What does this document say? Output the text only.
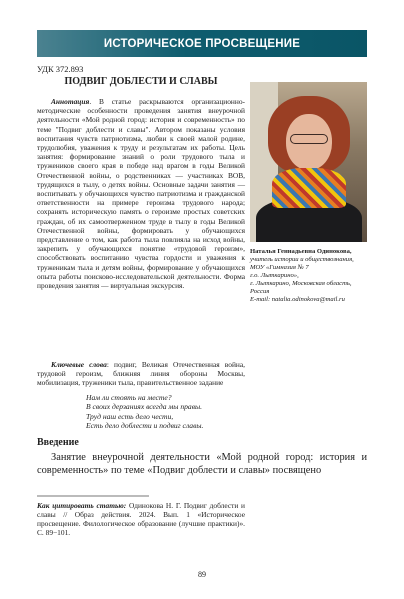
ИСТОРИЧЕСКОЕ ПРОСВЕЩЕНИЕ
УДК 372.893
ПОДВИГ ДОБЛЕСТИ И СЛАВЫ

Аннотация. В статье раскрываются организационно-методические особенности проведения занятия внеурочной деятельности «Мой родной город: история и современность» по теме "Подвиг доблести и славы". Автором показаны условия воспитания чувств патриотизма, любви к своей малой родине, трудолюбия, уважения к труду и результатам их работы. Цель занятия: формирование знаний о роли трудового тыла и тружеников своего края в победе над врагом в годы Великой Отечественной войны, о родственниках — участниках ВОВ, трудящихся в тылу, о детях войны. Основные задачи занятия — воспитывать у обучающихся чувство патриотизма и гражданской ответственности на примере героизма трудового народа; сохранять историческую память о героизме простых советских граждан, об их самоотверженном труде в тылу в годы Великой Отечественной войны, формировать у обучающихся представление о том, как работа тыла повлияла на исход войны, закрепить у обучающихся понятие «трудовой героизм», способствовать воспитанию чувства гордости и уважения к труженикам тыла и детям войны, формирование у обучающихся опыта работы поисково-исследовательской деятельности. Форма проведения занятия — виртуальная экскурсия.

Наталья Геннадьевна Одинокова,
учитель истории и обществознания,
МОУ «Гимназия № 7
г.о. Лыткарино»,
г. Лыткарино, Московская область,
Россия
E-mail: natalia.odinokova@mail.ru

Ключевые слова: подвиг, Великая Отечественная война, трудовой героизм, ближняя линия обороны Москвы, мобилизация, труженики тыла, правительственное задание

Нам ли стоять на месте?
В своих дерзаниях всегда мы правы.
Труд наш есть дело чести,
Есть дело доблести и подвиг славы.
Введение

Занятие внеурочной деятельности «Мой родной город: история и современность» по теме «Подвиг доблести и славы» посвящено

Как цитировать статью: Одинокова Н. Г. Подвиг доблести и славы // Образ действия. 2024. Вып. 1 «Историческое просвещение. Филологическое образование (лучшие практики)». С. 89−101.

89
